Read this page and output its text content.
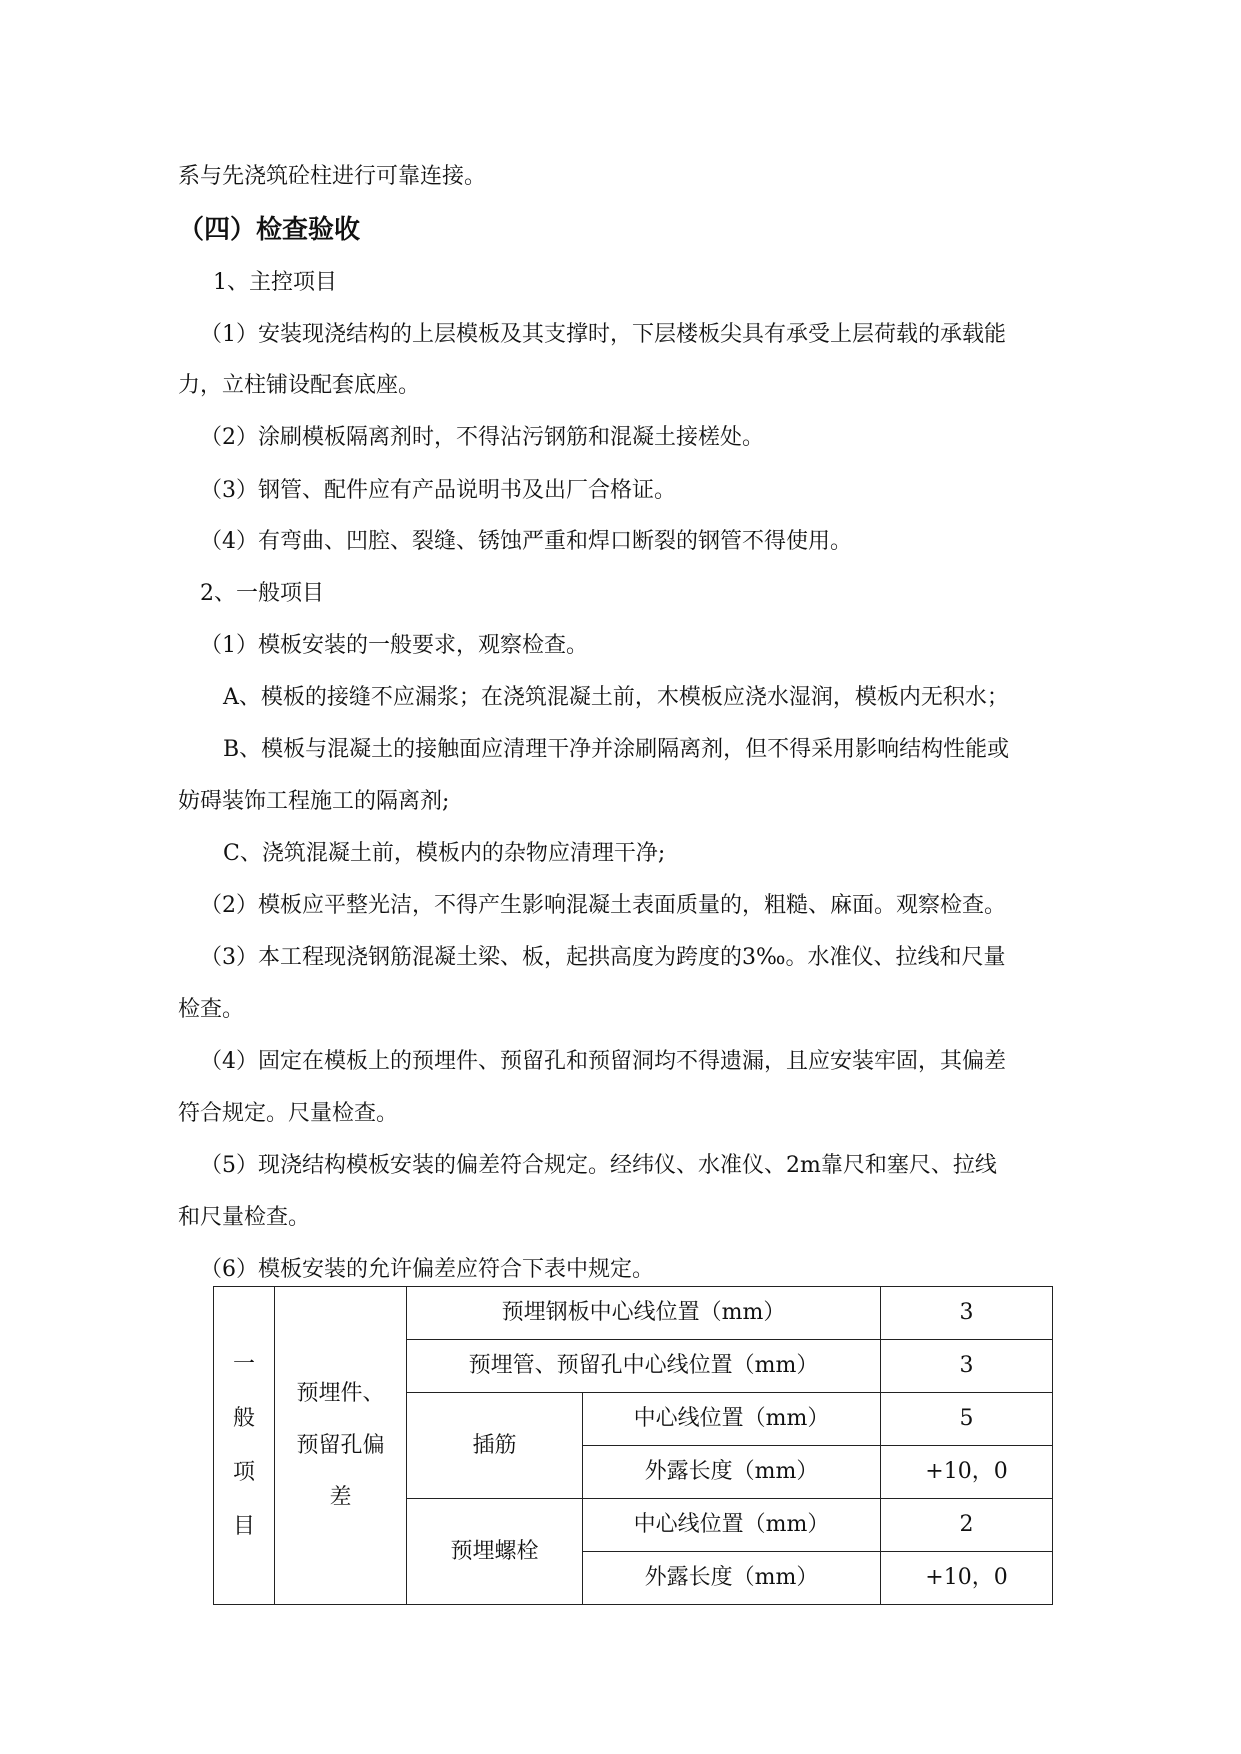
系与先浇筑砼柱进行可靠连接。
（四）检查验收
1、主控项目
（1）安装现浇结构的上层模板及其支撑时，下层楼板尖具有承受上层荷载的承载能
力，立柱铺设配套底座。
（2）涂刷模板隔离剂时，不得沾污钢筋和混凝土接槎处。
（3）钢管、配件应有产品说明书及出厂合格证。
（4）有弯曲、凹腔、裂缝、锈蚀严重和焊口断裂的钢管不得使用。
2、一般项目
（1）模板安装的一般要求，观察检查。
A、模板的接缝不应漏浆；在浇筑混凝土前，木模板应浇水湿润，模板内无积水；
B、模板与混凝土的接触面应清理干净并涂刷隔离剂，但不得采用影响结构性能或
妨碍装饰工程施工的隔离剂;
C、浇筑混凝土前，模板内的杂物应清理干净;
（2）模板应平整光洁，不得产生影响混凝土表面质量的，粗糙、麻面。观察检查。
（3）本工程现浇钢筋混凝土梁、板，起拱高度为跨度的3‰。水准仪、拉线和尺量
检查。
（4）固定在模板上的预埋件、预留孔和预留洞均不得遗漏，且应安装牢固，其偏差
符合规定。尺量检查。
（5）现浇结构模板安装的偏差符合规定。经纬仪、水准仪、2m靠尺和塞尺、拉线
和尺量检查。
（6）模板安装的允许偏差应符合下表中规定。
一般项目	预埋件、预留孔偏差	预埋钢板中心线位置（mm）		3
		预埋管、预留孔中心线位置（mm）		3
		插筋	中心线位置（mm）	5
			外露长度（mm）	+10，0
		预埋螺栓	中心线位置（mm）	2
			外露长度（mm）	+10，0
